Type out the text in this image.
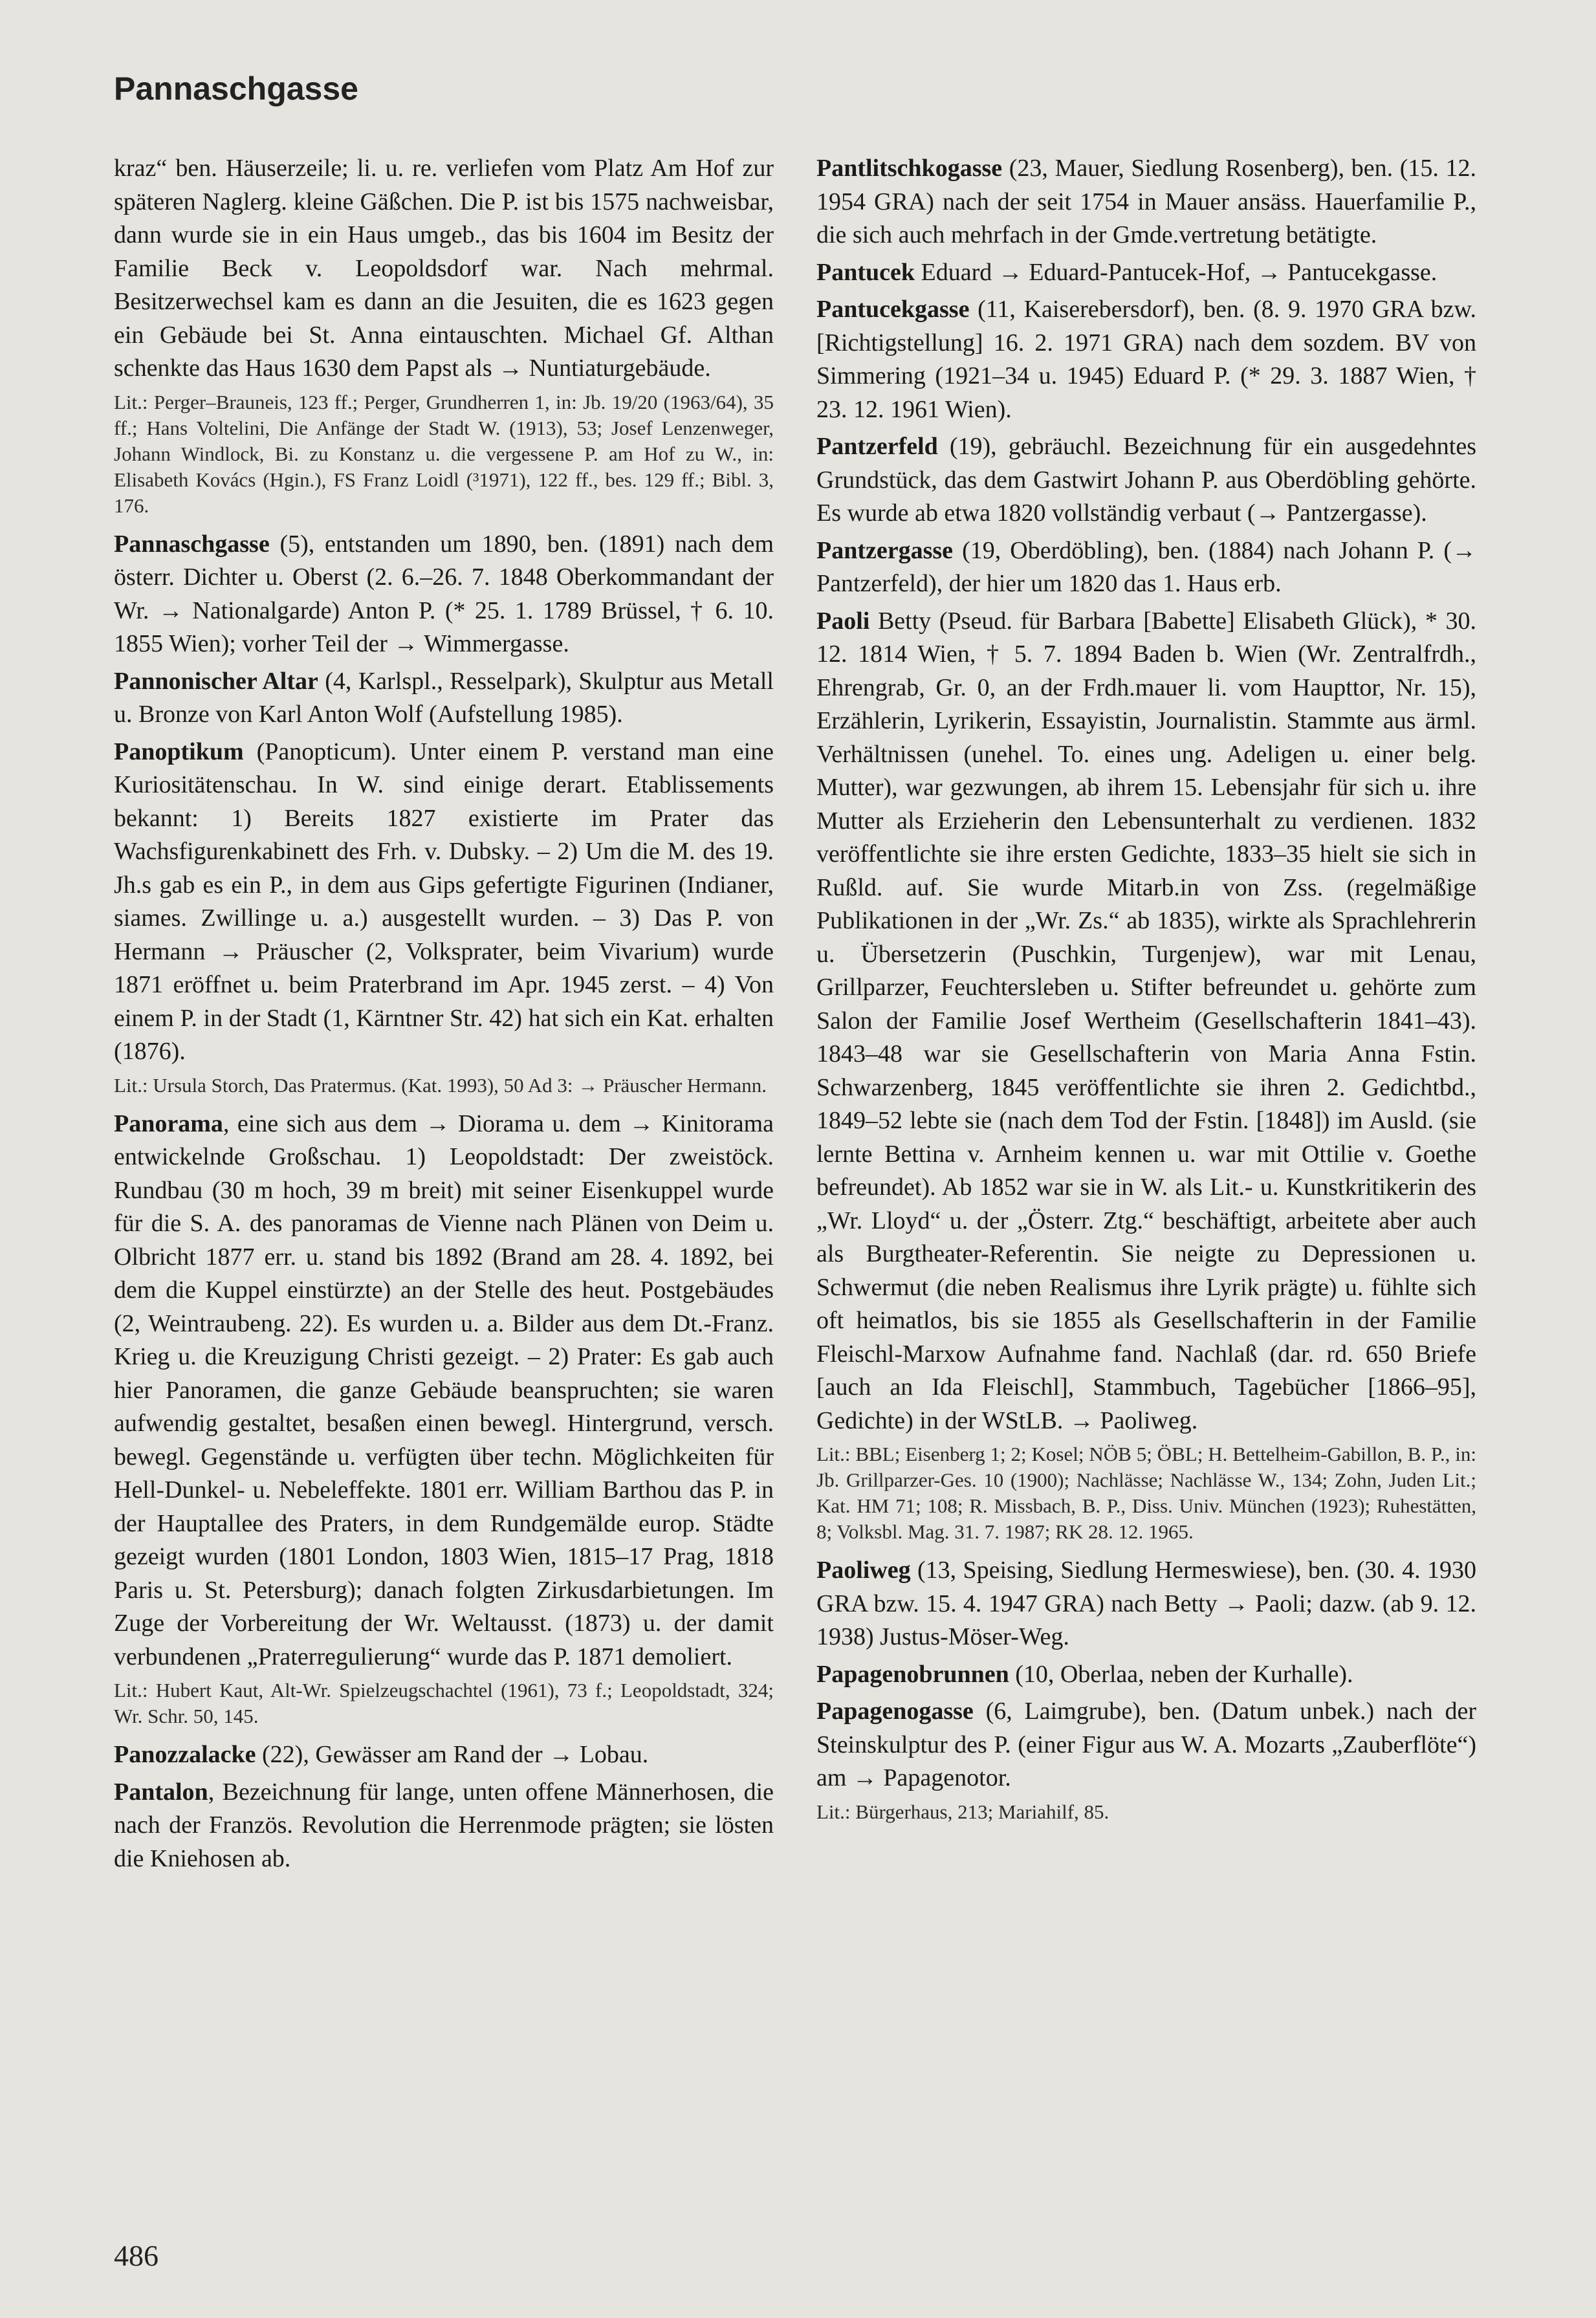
Pannaschgasse

kraz“ ben. Häuserzeile; li. u. re. verliefen vom Platz Am Hof zur späteren Naglerg. kleine Gäßchen. Die P. ist bis 1575 nachweisbar, dann wurde sie in ein Haus umgeb., das bis 1604 im Besitz der Familie Beck v. Leopoldsdorf war. Nach mehrmal. Besitzerwechsel kam es dann an die Jesuiten, die es 1623 gegen ein Gebäude bei St. Anna eintauschten. Michael Gf. Althan schenkte das Haus 1630 dem Papst als → Nuntiaturgebäude.

Lit.: Perger–Brauneis, 123 ff.; Perger, Grundherren 1, in: Jb. 19/20 (1963/64), 35 ff.; Hans Voltelini, Die Anfänge der Stadt W. (1913), 53; Josef Lenzenweger, Johann Windlock, Bi. zu Konstanz u. die vergessene P. am Hof zu W., in: Elisabeth Kovács (Hgin.), FS Franz Loidl (³1971), 122 ff., bes. 129 ff.; Bibl. 3, 176.

Pannaschgasse (5), entstanden um 1890, ben. (1891) nach dem österr. Dichter u. Oberst (2. 6.–26. 7. 1848 Oberkommandant der Wr. → Nationalgarde) Anton P. (* 25. 1. 1789 Brüssel, † 6. 10. 1855 Wien); vorher Teil der → Wimmergasse.

Pannonischer Altar (4, Karlspl., Resselpark), Skulptur aus Metall u. Bronze von Karl Anton Wolf (Aufstellung 1985).

Panoptikum (Panopticum). Unter einem P. verstand man eine Kuriositätenschau. In W. sind einige derart. Etablissements bekannt: 1) Bereits 1827 existierte im Prater das Wachsfigurenkabinett des Frh. v. Dubsky. – 2) Um die M. des 19. Jh.s gab es ein P., in dem aus Gips gefertigte Figurinen (Indianer, siames. Zwillinge u. a.) ausgestellt wurden. – 3) Das P. von Hermann → Präuscher (2, Volksprater, beim Vivarium) wurde 1871 eröffnet u. beim Praterbrand im Apr. 1945 zerst. – 4) Von einem P. in der Stadt (1, Kärntner Str. 42) hat sich ein Kat. erhalten (1876).

Lit.: Ursula Storch, Das Pratermus. (Kat. 1993), 50 Ad 3: → Präuscher Hermann.

Panorama, eine sich aus dem → Diorama u. dem → Kinitorama entwickelnde Großschau. 1) Leopoldstadt: Der zweistöck. Rundbau (30 m hoch, 39 m breit) mit seiner Eisenkuppel wurde für die S. A. des panoramas de Vienne nach Plänen von Deim u. Olbricht 1877 err. u. stand bis 1892 (Brand am 28. 4. 1892, bei dem die Kuppel einstürzte) an der Stelle des heut. Postgebäudes (2, Weintraubeng. 22). Es wurden u. a. Bilder aus dem Dt.-Franz. Krieg u. die Kreuzigung Christi gezeigt. – 2) Prater: Es gab auch hier Panoramen, die ganze Gebäude beanspruchten; sie waren aufwendig gestaltet, besaßen einen bewegl. Hintergrund, versch. bewegl. Gegenstände u. verfügten über techn. Möglichkeiten für Hell-Dunkel- u. Nebeleffekte. 1801 err. William Barthou das P. in der Hauptallee des Praters, in dem Rundgemälde europ. Städte gezeigt wurden (1801 London, 1803 Wien, 1815–17 Prag, 1818 Paris u. St. Petersburg); danach folgten Zirkusdarbietungen. Im Zuge der Vorbereitung der Wr. Weltausst. (1873) u. der damit verbundenen „Praterregulierung“ wurde das P. 1871 demoliert.

Lit.: Hubert Kaut, Alt-Wr. Spielzeugschachtel (1961), 73 f.; Leopoldstadt, 324; Wr. Schr. 50, 145.

Panozzalacke (22), Gewässer am Rand der → Lobau.

Pantalon, Bezeichnung für lange, unten offene Männerhosen, die nach der Französ. Revolution die Herrenmode prägten; sie lösten die Kniehosen ab.

Pantlitschkogasse (23, Mauer, Siedlung Rosenberg), ben. (15. 12. 1954 GRA) nach der seit 1754 in Mauer ansäss. Hauerfamilie P., die sich auch mehrfach in der Gmde.vertretung betätigte.

Pantucek Eduard → Eduard-Pantucek-Hof, → Pantucekgasse.

Pantucekgasse (11, Kaiserebersdorf), ben. (8. 9. 1970 GRA bzw. [Richtigstellung] 16. 2. 1971 GRA) nach dem sozdem. BV von Simmering (1921–34 u. 1945) Eduard P. (* 29. 3. 1887 Wien, † 23. 12. 1961 Wien).

Pantzerfeld (19), gebräuchl. Bezeichnung für ein ausgedehntes Grundstück, das dem Gastwirt Johann P. aus Oberdöbling gehörte. Es wurde ab etwa 1820 vollständig verbaut (→ Pantzergasse).

Pantzergasse (19, Oberdöbling), ben. (1884) nach Johann P. (→ Pantzerfeld), der hier um 1820 das 1. Haus erb.

Paoli Betty (Pseud. für Barbara [Babette] Elisabeth Glück), * 30. 12. 1814 Wien, † 5. 7. 1894 Baden b. Wien (Wr. Zentralfrdh., Ehrengrab, Gr. 0, an der Frdh.mauer li. vom Haupttor, Nr. 15), Erzählerin, Lyrikerin, Essayistin, Journalistin. Stammte aus ärml. Verhältnissen (unehel. To. eines ung. Adeligen u. einer belg. Mutter), war gezwungen, ab ihrem 15. Lebensjahr für sich u. ihre Mutter als Erzieherin den Lebensunterhalt zu verdienen. 1832 veröffentlichte sie ihre ersten Gedichte, 1833–35 hielt sie sich in Rußld. auf. Sie wurde Mitarb.in von Zss. (regelmäßige Publikationen in der „Wr. Zs.“ ab 1835), wirkte als Sprachlehrerin u. Übersetzerin (Puschkin, Turgenjew), war mit Lenau, Grillparzer, Feuchtersleben u. Stifter befreundet u. gehörte zum Salon der Familie Josef Wertheim (Gesellschafterin 1841–43). 1843–48 war sie Gesellschafterin von Maria Anna Fstin. Schwarzenberg, 1845 veröffentlichte sie ihren 2. Gedichtbd., 1849–52 lebte sie (nach dem Tod der Fstin. [1848]) im Ausld. (sie lernte Bettina v. Arnheim kennen u. war mit Ottilie v. Goethe befreundet). Ab 1852 war sie in W. als Lit.- u. Kunstkritikerin des „Wr. Lloyd“ u. der „Österr. Ztg.“ beschäftigt, arbeitete aber auch als Burgtheater-Referentin. Sie neigte zu Depressionen u. Schwermut (die neben Realismus ihre Lyrik prägte) u. fühlte sich oft heimatlos, bis sie 1855 als Gesellschafterin in der Familie Fleischl-Marxow Aufnahme fand. Nachlaß (dar. rd. 650 Briefe [auch an Ida Fleischl], Stammbuch, Tagebücher [1866–95], Gedichte) in der WStLB. → Paoliweg.

Lit.: BBL; Eisenberg 1; 2; Kosel; NÖB 5; ÖBL; H. Bettelheim-Gabillon, B. P., in: Jb. Grillparzer-Ges. 10 (1900); Nachlässe; Nachlässe W., 134; Zohn, Juden Lit.; Kat. HM 71; 108; R. Missbach, B. P., Diss. Univ. München (1923); Ruhestätten, 8; Volksbl. Mag. 31. 7. 1987; RK 28. 12. 1965.

Paoliweg (13, Speising, Siedlung Hermeswiese), ben. (30. 4. 1930 GRA bzw. 15. 4. 1947 GRA) nach Betty → Paoli; dazw. (ab 9. 12. 1938) Justus-Möser-Weg.

Papagenobrunnen (10, Oberlaa, neben der Kurhalle).

Papagenogasse (6, Laimgrube), ben. (Datum unbek.) nach der Steinskulptur des P. (einer Figur aus W. A. Mozarts „Zauberflöte“) am → Papagenotor.

Lit.: Bürgerhaus, 213; Mariahilf, 85.

486
